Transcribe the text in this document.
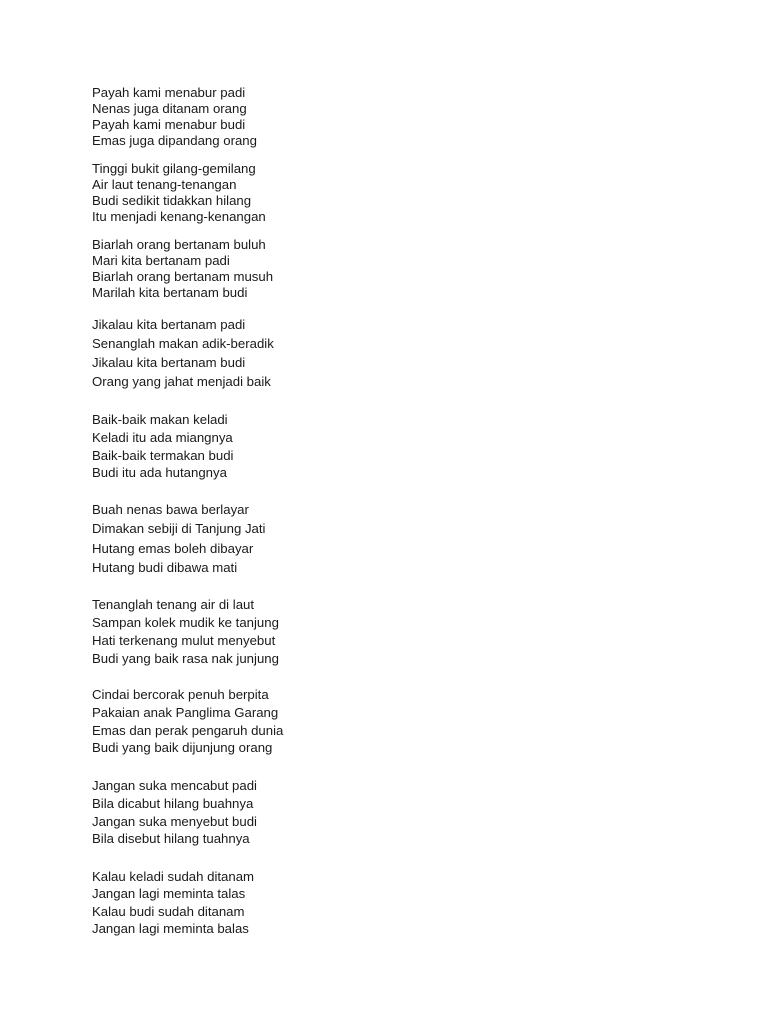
Payah kami menabur padi
Nenas juga ditanam orang
Payah kami menabur budi
Emas juga dipandang orang
Tinggi bukit gilang-gemilang
Air laut tenang-tenangan
Budi sedikit tidakkan hilang
Itu menjadi kenang-kenangan
Biarlah orang bertanam buluh
Mari kita bertanam padi
Biarlah orang bertanam musuh
Marilah kita bertanam budi
Jikalau kita bertanam padi
Senanglah makan adik-beradik
Jikalau kita bertanam budi
Orang yang jahat menjadi baik
Baik-baik makan keladi
Keladi itu ada miangnya
Baik-baik termakan budi
Budi itu ada hutangnya
Buah nenas bawa berlayar
Dimakan sebiji di Tanjung Jati
Hutang emas boleh dibayar
Hutang budi dibawa mati
Tenanglah tenang air di laut
Sampan kolek mudik ke tanjung
Hati terkenang mulut menyebut
Budi yang baik rasa nak junjung
Cindai bercorak penuh berpita
Pakaian anak Panglima Garang
Emas dan perak pengaruh dunia
Budi yang baik dijunjung orang
Jangan suka mencabut padi
Bila dicabut hilang buahnya
Jangan suka menyebut budi
Bila disebut hilang tuahnya
Kalau keladi sudah ditanam
Jangan lagi meminta talas
Kalau budi sudah ditanam
Jangan lagi meminta balas
